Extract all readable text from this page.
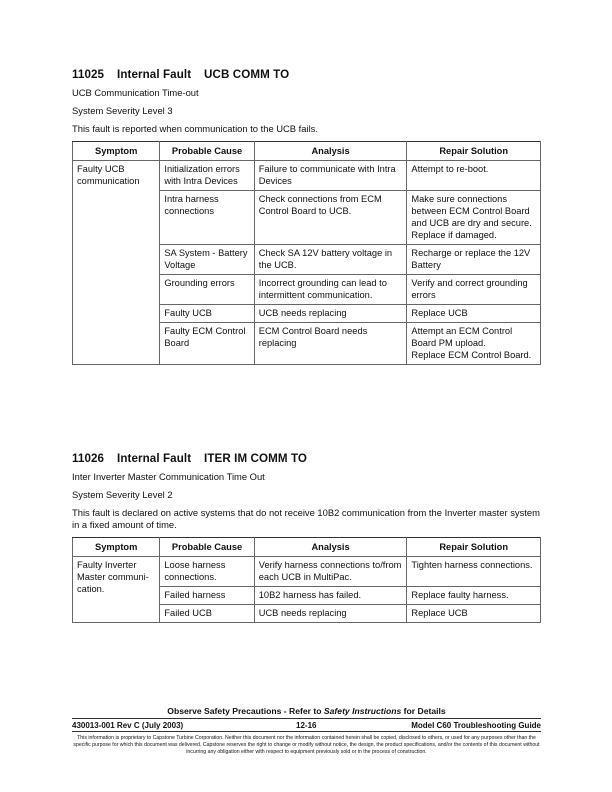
11025 Internal Fault UCB COMM TO
UCB Communication Time-out
System Severity Level 3
This fault is reported when communication to the UCB fails.
Symptom	Probable Cause	Analysis	Repair Solution
Faulty UCB communication	Initialization errors with Intra Devices	Failure to communicate with Intra Devices	Attempt to re-boot.
	Intra harness connections	Check connections from ECM Control Board to UCB.	Make sure connections between ECM Control Board and UCB are dry and secure. Replace if damaged.
	SA System - Battery Voltage	Check SA 12V battery voltage in the UCB.	Recharge or replace the 12V Battery
	Grounding errors	Incorrect grounding can lead to intermittent communication.	Verify and correct grounding errors
	Faulty UCB	UCB needs replacing	Replace UCB
	Faulty ECM Control Board	ECM Control Board needs replacing	Attempt an ECM Control Board PM upload.
Replace ECM Control Board.
11026 Internal Fault ITER IM COMM TO
Inter Inverter Master Communication Time Out
System Severity Level 2
This fault is declared on active systems that do not receive 10B2 communication from the Inverter master system in a fixed amount of time.
Symptom	Probable Cause	Analysis	Repair Solution
Faulty Inverter Master communi-cation.	Loose harness connections.	Verify harness connections to/from each UCB in MultiPac.	Tighten harness connections.
	Failed harness	10B2 harness has failed.	Replace faulty harness.
	Failed UCB	UCB needs replacing	Replace UCB
Observe Safety Precautions - Refer to Safety Instructions for Details
430013-001 Rev C (July 2003)	12-16	Model C60 Troubleshooting Guide
This information is proprietary to Capstone Turbine Corporation. Neither this document nor the information contained herein shall be copied, disclosed to others, or used for any purposes other than the specific purpose for which this document was delivered. Capstone reserves the right to change or modify without notice, the design, the product specifications, and/or the contents of this document without incurring any obligation either with respect to equipment previously sold or in the process of construction.
